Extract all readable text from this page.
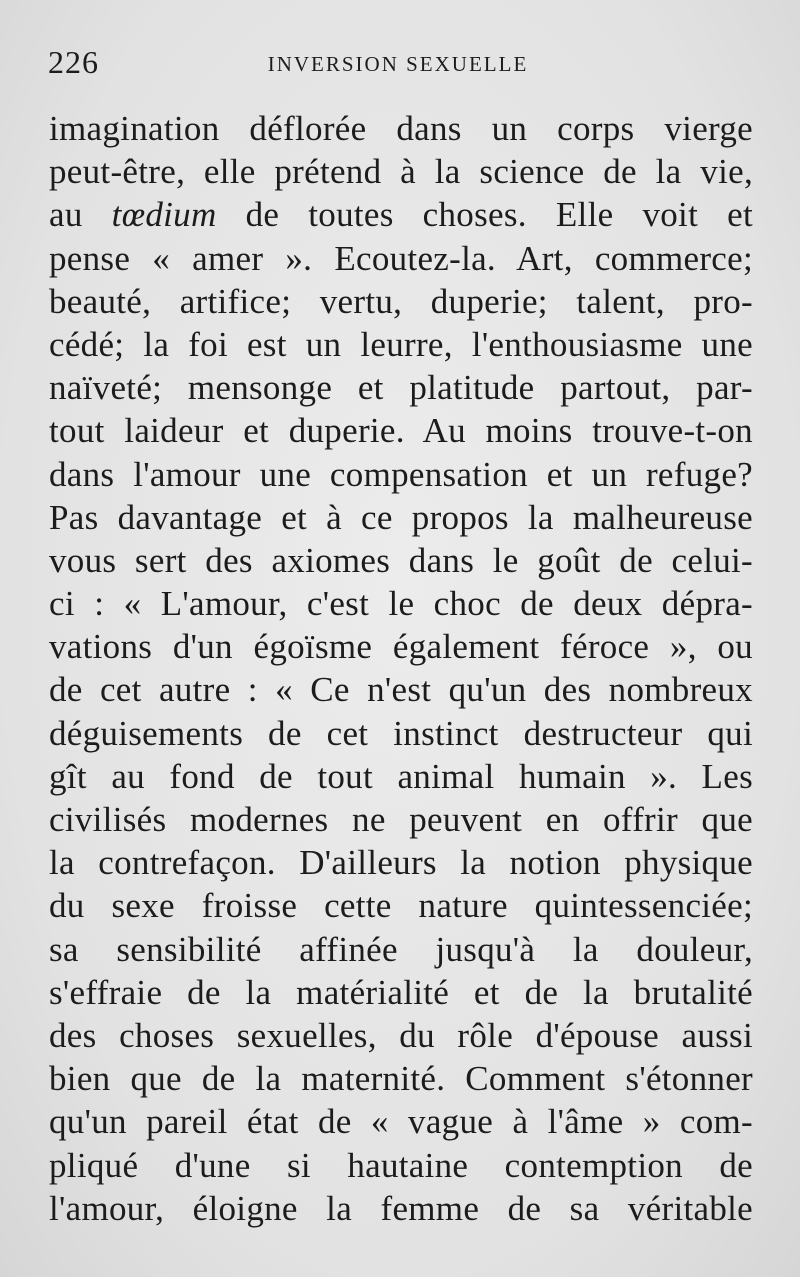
226	INVERSION SEXUELLE
imagination déflorée dans un corps vierge
peut-être, elle prétend à la science de la vie,
au tœdium de toutes choses. Elle voit et
pense « amer ». Ecoutez-la. Art, commerce;
beauté, artifice; vertu, duperie; talent, pro-
cédé; la foi est un leurre, l'enthousiasme une
naïveté; mensonge et platitude partout, par-
tout laideur et duperie. Au moins trouve-t-on
dans l'amour une compensation et un refuge?
Pas davantage et à ce propos la malheureuse
vous sert des axiomes dans le goût de celui-
ci : « L'amour, c'est le choc de deux dépra-
vations d'un égoïsme également féroce », ou
de cet autre : « Ce n'est qu'un des nombreux
déguisements de cet instinct destructeur qui
gît au fond de tout animal humain ». Les
civilisés modernes ne peuvent en offrir que
la contrefaçon. D'ailleurs la notion physique
du sexe froisse cette nature quintessenciée;
sa sensibilité affinée jusqu'à la douleur,
s'effraie de la matérialité et de la brutalité
des choses sexuelles, du rôle d'épouse aussi
bien que de la maternité. Comment s'étonner
qu'un pareil état de « vague à l'âme » com-
pliqué d'une si hautaine contemption de
l'amour, éloigne la femme de sa véritable
